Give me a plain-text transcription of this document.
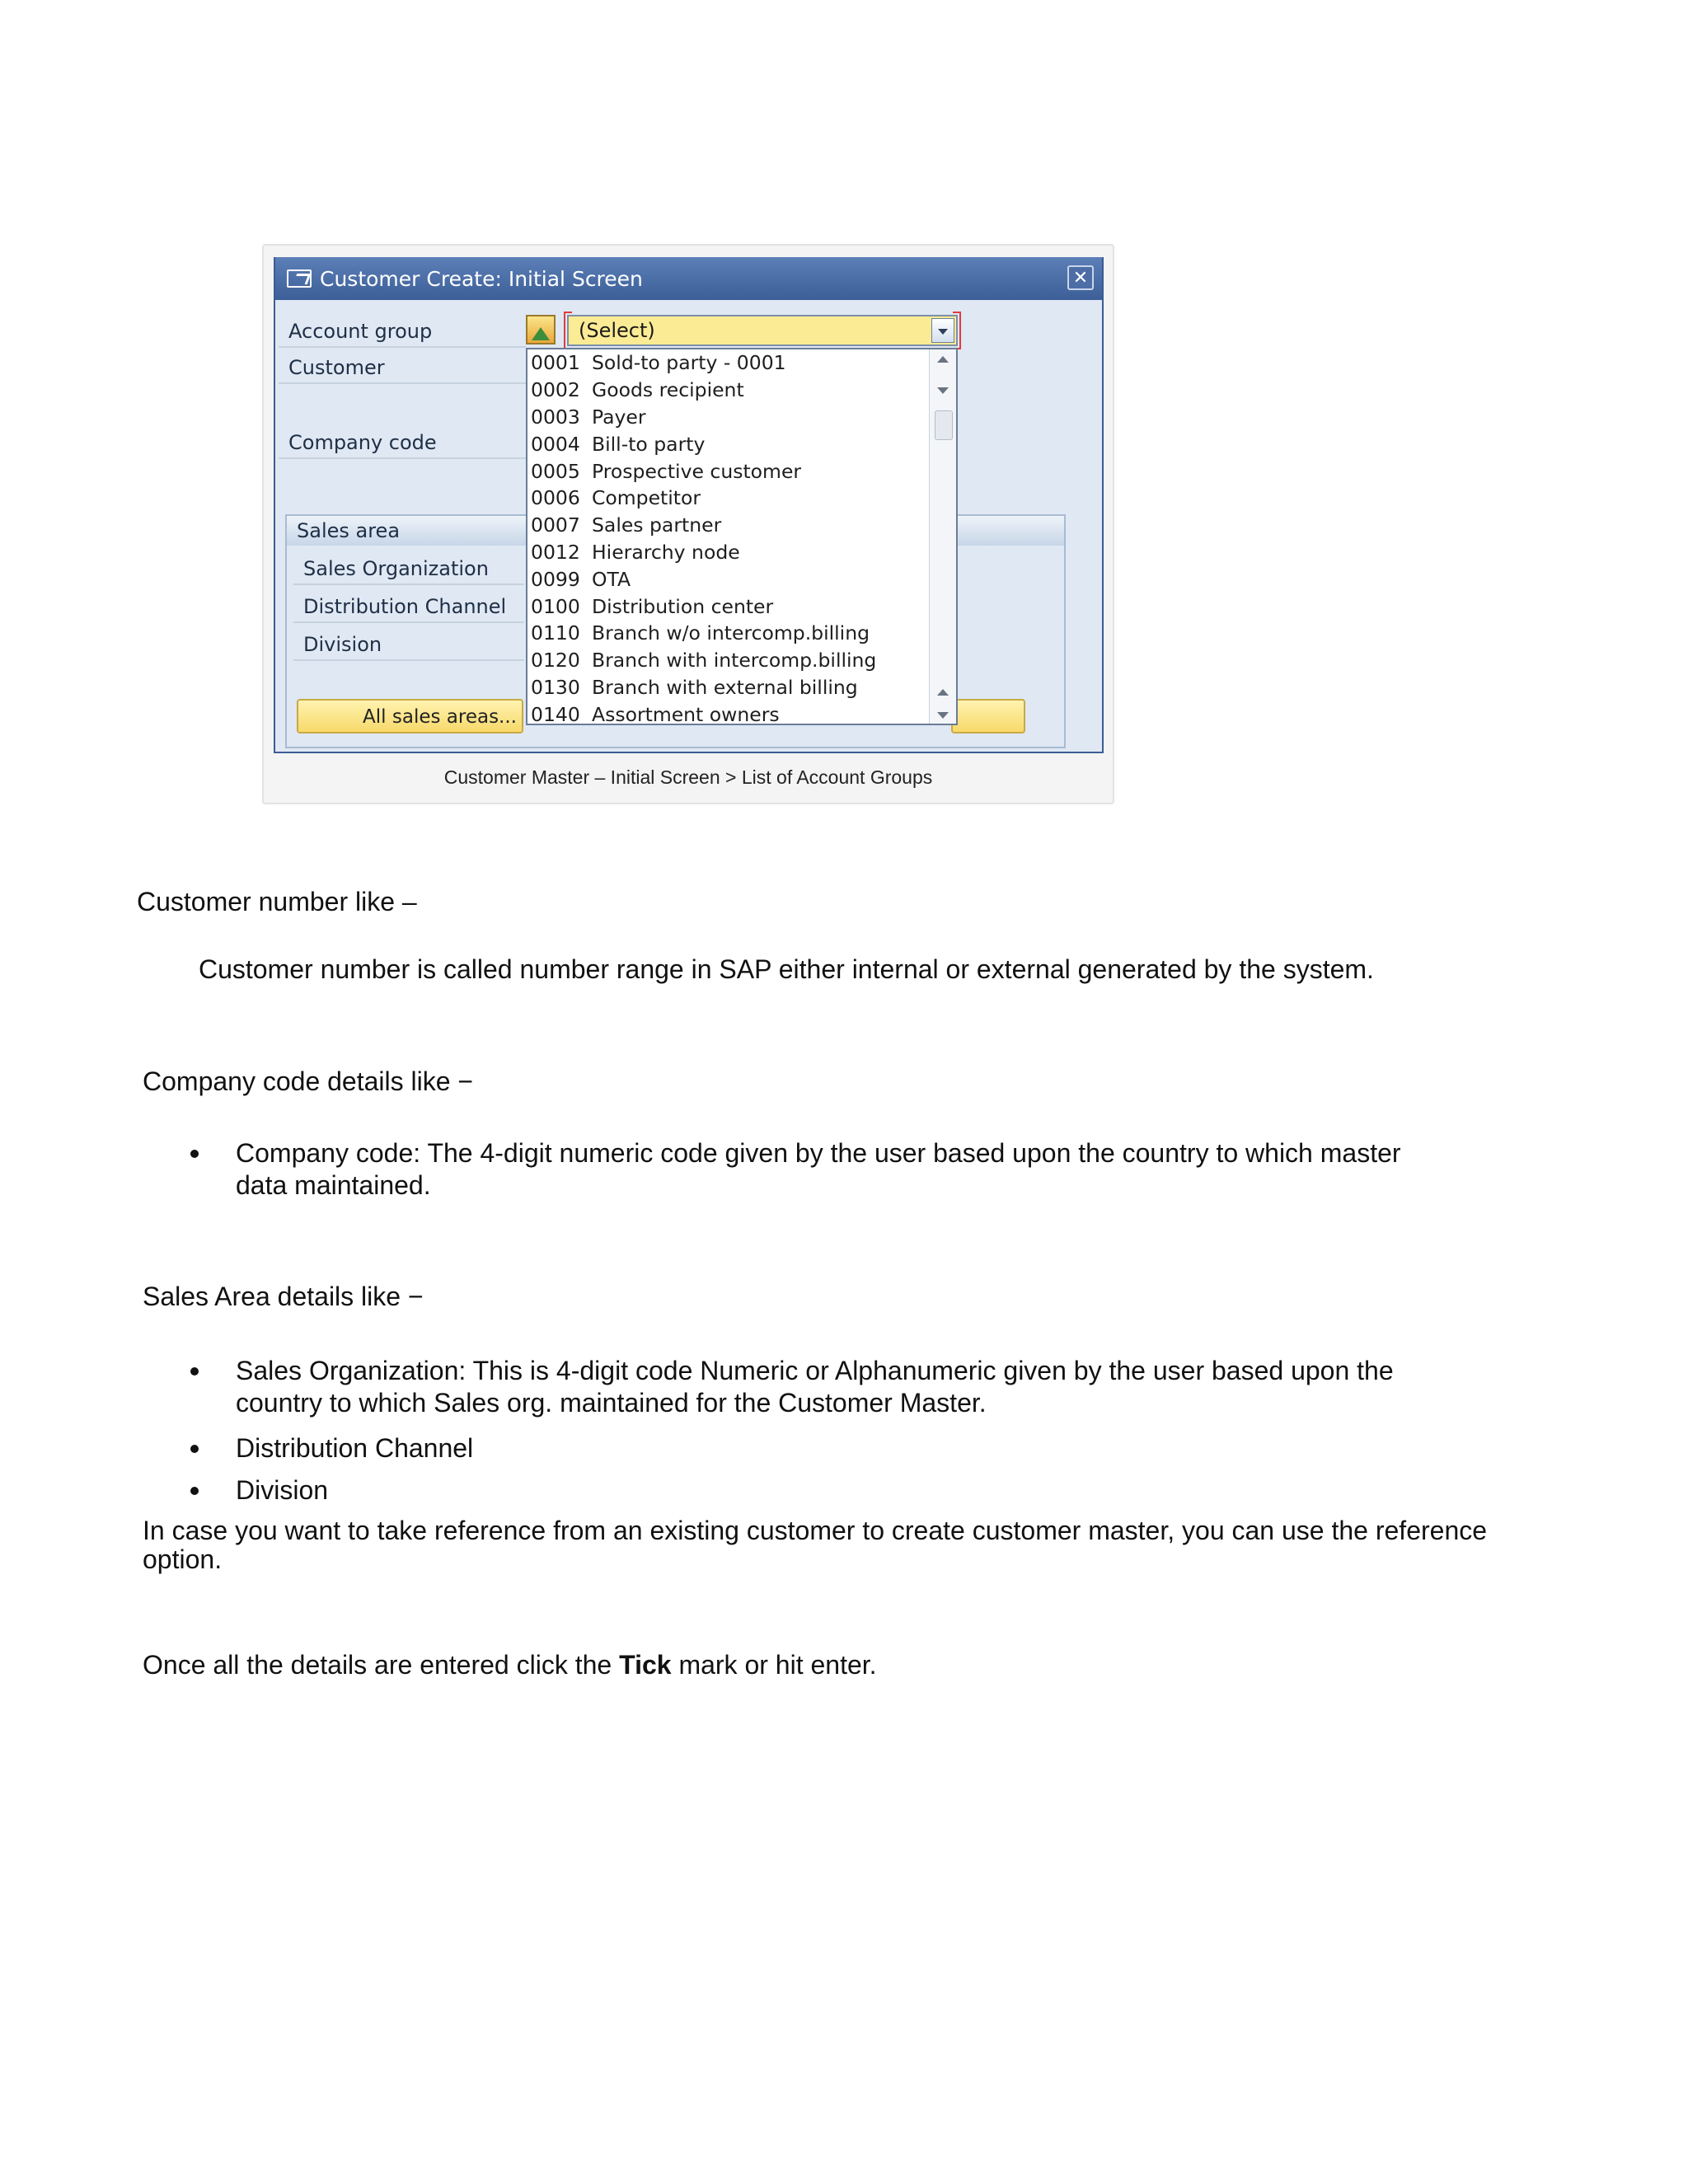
Customer Create: Initial Screen	✕
Account group
Customer
Company code
Sales area
Sales Organization
Distribution Channel
Division
All sales areas...
(Select)
0001 Sold-to party - 0001
0002 Goods recipient
0003 Payer
0004 Bill-to party
0005 Prospective customer
0006 Competitor
0007 Sales partner
0012 Hierarchy node
0099 OTA
0100 Distribution center
0110 Branch w/o intercomp.billing
0120 Branch with intercomp.billing
0130 Branch with external billing
0140 Assortment owners
Customer Master – Initial Screen > List of Account Groups
Customer number like –
Customer number is called number range in SAP either internal or external generated by the system.
Company code details like −
Company code: The 4-digit numeric code given by the user based upon the country to which master
data maintained.
Sales Area details like −
Sales Organization: This is 4-digit code Numeric or Alphanumeric given by the user based upon the
country to which Sales org. maintained for the Customer Master.
Distribution Channel
Division
In case you want to take reference from an existing customer to create customer master, you can use the reference
option.
Once all the details are entered click the Tick mark or hit enter.
